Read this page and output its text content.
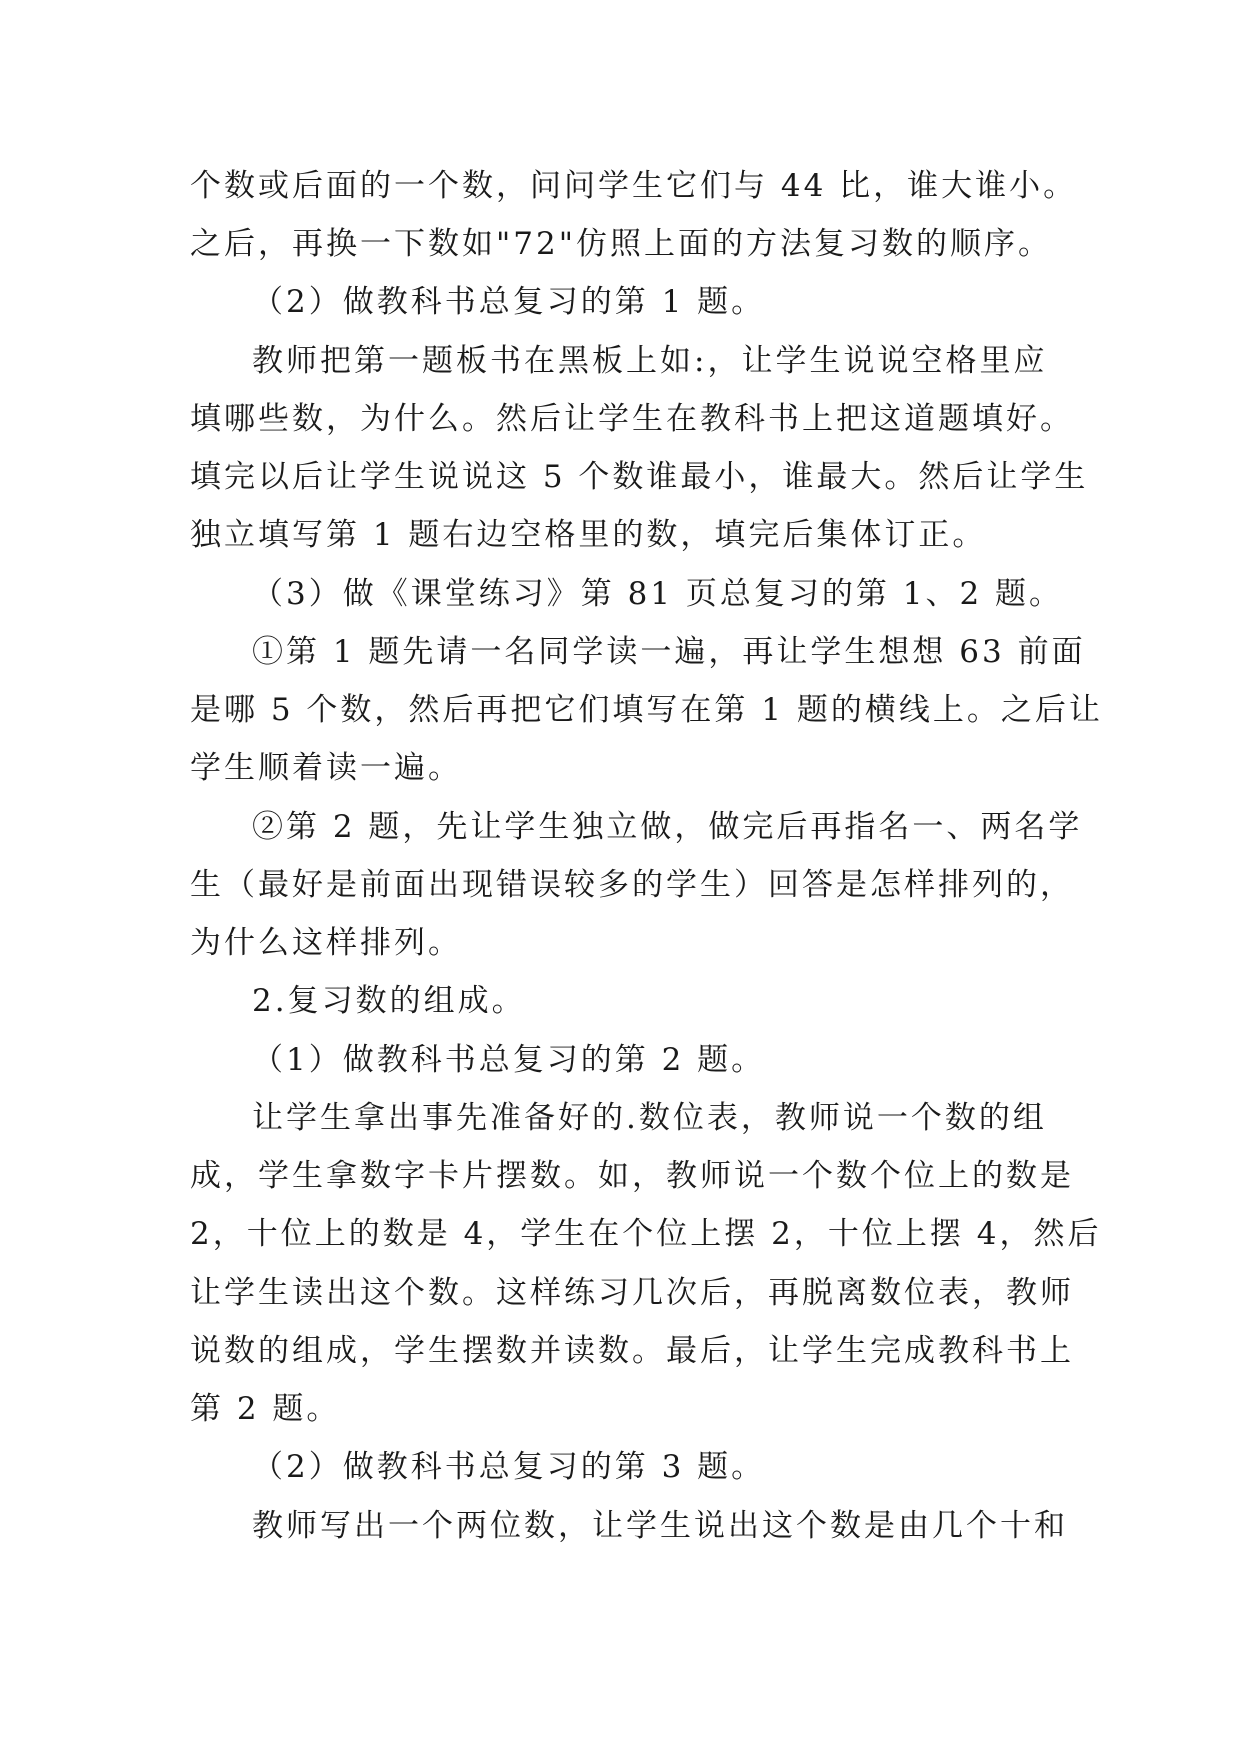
个数或后面的一个数，问问学生它们与 44 比，谁大谁小。
之后，再换一下数如"72"仿照上面的方法复习数的顺序。
（2）做教科书总复习的第 1 题。
教师把第一题板书在黑板上如:，让学生说说空格里应
填哪些数，为什么。然后让学生在教科书上把这道题填好。
填完以后让学生说说这 5 个数谁最小，谁最大。然后让学生
独立填写第 1 题右边空格里的数，填完后集体订正。
（3）做《课堂练习》第 81 页总复习的第 1、2 题。
①第 1 题先请一名同学读一遍，再让学生想想 63 前面
是哪 5 个数，然后再把它们填写在第 1 题的横线上。之后让
学生顺着读一遍。
②第 2 题，先让学生独立做，做完后再指名一、两名学
生（最好是前面出现错误较多的学生）回答是怎样排列的，
为什么这样排列。
2.复习数的组成。
（1）做教科书总复习的第 2 题。
让学生拿出事先准备好的.数位表，教师说一个数的组
成，学生拿数字卡片摆数。如，教师说一个数个位上的数是
2，十位上的数是 4，学生在个位上摆 2，十位上摆 4，然后
让学生读出这个数。这样练习几次后，再脱离数位表，教师
说数的组成，学生摆数并读数。最后，让学生完成教科书上
第 2 题。
（2）做教科书总复习的第 3 题。
教师写出一个两位数，让学生说出这个数是由几个十和
